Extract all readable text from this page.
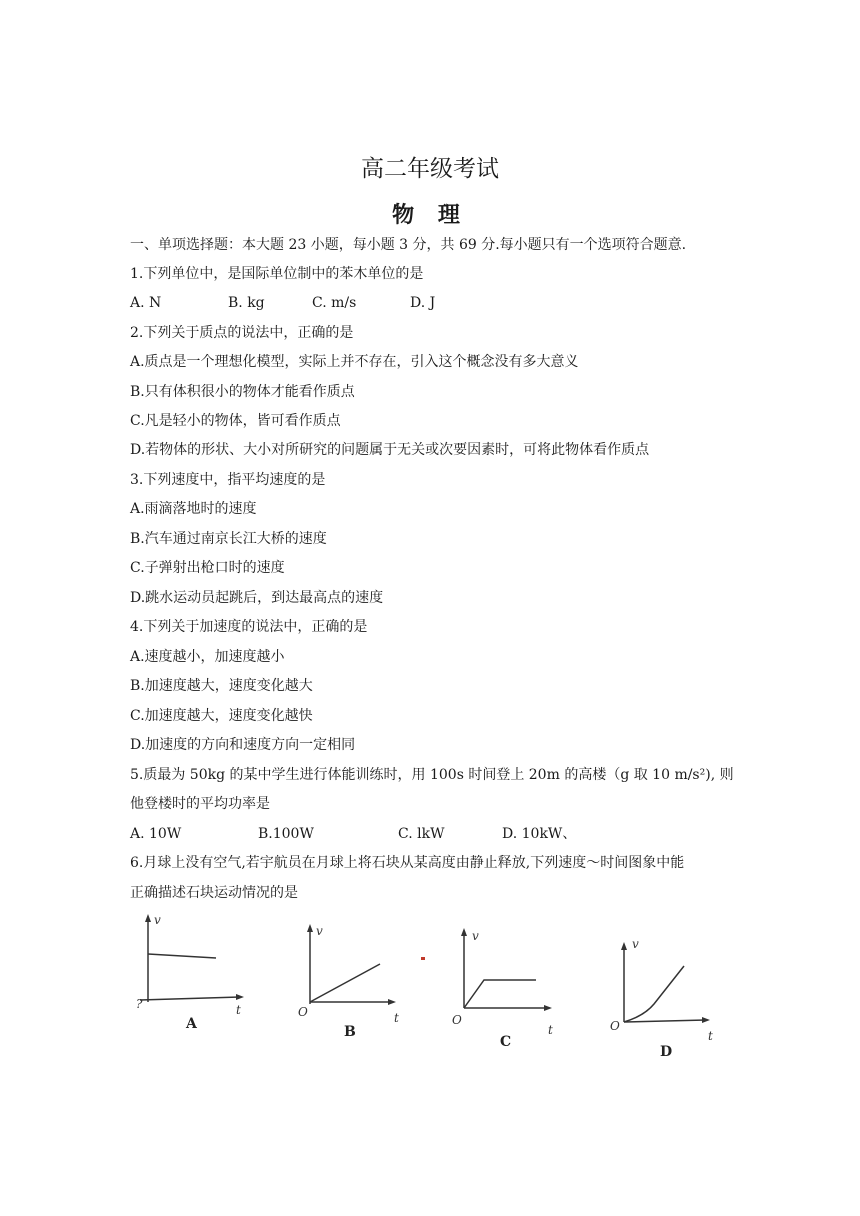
高二年级考试
物 理
一、单项选择题：本大题 23 小题，每小题 3 分，共 69 分.每小题只有一个选项符合题意.
1.下列单位中，是国际单位制中的苯木单位的是
A. N	B. kg	C. m/s	D. J
2.下列关于质点的说法中，正确的是
A.质点是一个理想化模型，实际上并不存在，引入这个概念没有多大意义
B.只有体积很小的物体才能看作质点
C.凡是轻小的物体，皆可看作质点
D.若物体的形状、大小对所研究的问题属于无关或次要因素时，可将此物体看作质点
3.下列速度中，指平均速度的是
A.雨滴落地时的速度
B.汽车通过南京长江大桥的速度
C.子弹射出枪口时的速度
D.跳水运动员起跳后，到达最高点的速度
4.下列关于加速度的说法中，正确的是
A.速度越小，加速度越小
B.加速度越大，速度变化越大
C.加速度越大，速度变化越快
D.加速度的方向和速度方向一定相同
5.质最为 50kg 的某中学生进行体能训练时，用 100s 时间登上 20m 的高楼（g 取 10 m/s²), 则
他登楼时的平均功率是
A. 10W	B.100W	C. lkW	D. 10kW、
6.月球上没有空气,若宇航员在月球上将石块从某高度由静止释放,下列速度～时间图象中能
正确描述石块运动情况的是
v
t
?
A
v
t
O
B
v
t
O
C
v
t
O
D
